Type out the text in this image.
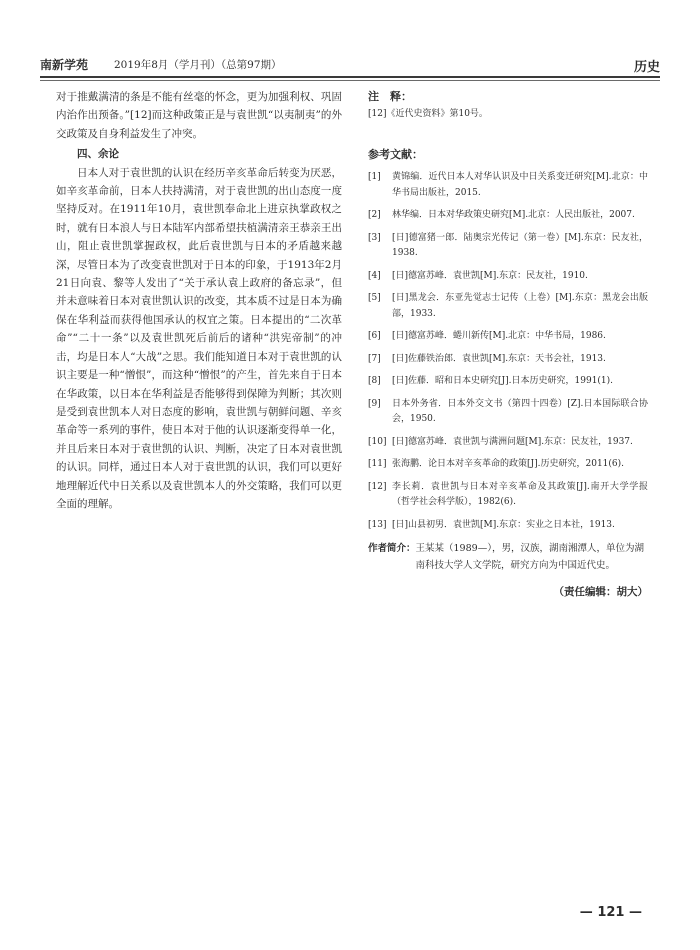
南新学苑 2019年8月（学月刊）（总第97期）	历史

对于推戴满清的条是不能有丝毫的怀念，更为加强利权、巩固内治作出预备。”[12]而这种政策正是与袁世凯“以夷制夷”的外交政策及自身利益发生了冲突。

四、余论

日本人对于袁世凯的认识在经历辛亥革命后转变为厌恶，如辛亥革命前，日本人扶持满清，对于袁世凯的出山态度一度坚持反对。在1911年10月，袁世凯奉命北上进京执掌政权之时，就有日本浪人与日本陆军内部希望扶植满清亲王恭亲王出山，阻止袁世凯掌握政权，此后袁世凯与日本的矛盾越来越深，尽管日本为了改变袁世凯对于日本的印象，于1913年2月21日向袁、黎等人发出了“关于承认袁上政府的备忘录”，但并未意味着日本对袁世凯认识的改变，其本质不过是日本为确保在华利益而获得他国承认的权宜之策。日本提出的“二次革命”“二十一条”以及袁世凯死后前后的诸种“洪宪帝制”的冲击，均是日本人“大战”之思。我们能知道日本对于袁世凯的认识主要是一种“憎恨”，而这种“憎恨”的产生，首先来自于日本在华政策，以日本在华利益是否能够得到保障为判断；其次则是受到袁世凯本人对日态度的影响，袁世凯与朝鲜问题、辛亥革命等一系列的事件，使日本对于他的认识逐渐变得单一化，并且后来日本对于袁世凯的认识、判断，决定了日本对袁世凯的认识。同样，通过日本人对于袁世凯的认识，我们可以更好地理解近代中日关系以及袁世凯本人的外交策略，我们可以更全面的理解。

注　释：
[12]《近代史资料》第10号。
参考文献：
[1] 黄锦编．近代日本人对华认识及中日关系变迁研究[M].北京：中华书局出版社，2015.
[2] 林华编．日本对华政策史研究[M].北京：人民出版社，2007.
[3] [日]德富猪一郎．陆奥宗光传记（第一卷）[M].东京：民友社，1938.
[4] [日]德富苏峰．袁世凯[M].东京：民友社，1910.
[5] [日]黑龙会．东亚先觉志士记传（上卷）[M].东京：黑龙会出版部，1933.
[6] [日]德富苏峰．蜷川新传[M].北京：中华书局，1986.
[7] [日]佐藤铁治郎．袁世凯[M].东京：天书会社，1913.
[8] [日]佐藤．昭和日本史研究[J].日本历史研究，1991(1).
[9] 日本外务省．日本外交文书（第四十四卷）[Z].日本国际联合协会，1950.
[10] [日]德富苏峰．袁世凯与满洲问题[M].东京：民友社，1937.
[11] 张海鹏．论日本对辛亥革命的政策[J].历史研究，2011(6).
[12] 李长莉．袁世凯与日本对辛亥革命及其政策[J].南开大学学报（哲学社会科学版），1982(6).
[13] [日]山县初男．袁世凯[M].东京：实业之日本社，1913.
作者简介： 王某某（1989—），男，汉族，湖南湘潭人，单位为湖南科技大学人文学院，研究方向为中国近代史。
（责任编辑：胡大）
— 121 —
